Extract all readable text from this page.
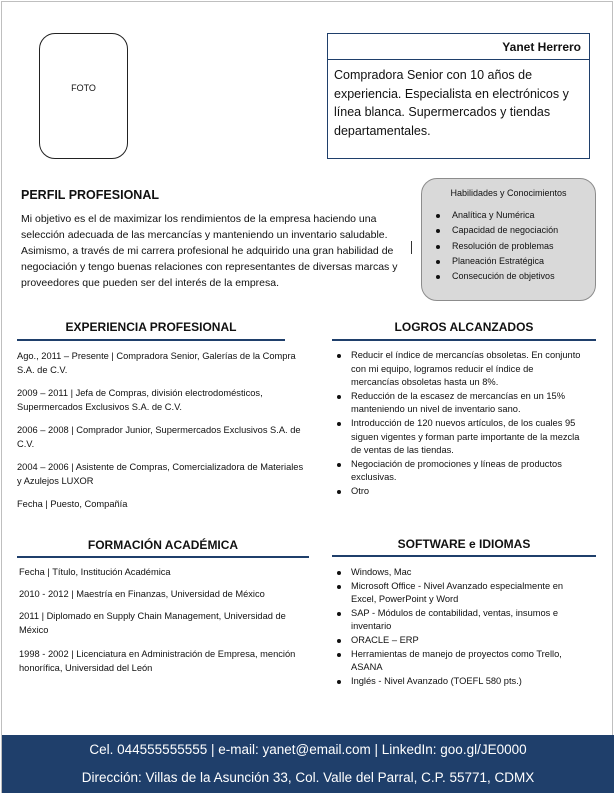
FOTO
Yanet Herrero
Compradora Senior con 10 años de experiencia. Especialista en electrónicos y línea blanca. Supermercados y tiendas departamentales.
PERFIL PROFESIONAL
Mi objetivo es el de maximizar los rendimientos de la empresa haciendo una selección adecuada de las mercancías y manteniendo un inventario saludable. Asimismo, a través de mi carrera profesional he adquirido una gran habilidad de negociación y tengo buenas relaciones con representantes de diversas marcas y proveedores que pueden ser del interés de la empresa.
Habilidades y Conocimientos
Analítica y Numérica
Capacidad de negociación
Resolución de problemas
Planeación Estratégica
Consecución de objetivos
EXPERIENCIA PROFESIONAL
Ago., 2011 – Presente | Compradora Senior, Galerías de la Compra S.A. de C.V.
2009 – 2011 | Jefa de Compras, división electrodomésticos, Supermercados Exclusivos S.A. de C.V.
2006 – 2008 | Comprador Junior, Supermercados Exclusivos S.A. de C.V.
2004 – 2006 | Asistente de Compras, Comercializadora de Materiales y Azulejos LUXOR
Fecha | Puesto, Compañía
LOGROS ALCANZADOS
Reducir el índice de mercancías obsoletas. En conjunto con mi equipo, logramos reducir el índice de mercancías obsoletas hasta un 8%.
Reducción de la escasez de mercancías en un 15% manteniendo un nivel de inventario sano.
Introducción de 120 nuevos artículos, de los cuales 95 siguen vigentes y forman parte importante de la mezcla de ventas de las tiendas.
Negociación de promociones y líneas de productos exclusivas.
Otro
FORMACIÓN ACADÉMICA
Fecha | Título, Institución Académica
2010 - 2012 | Maestría en Finanzas, Universidad de México
2011 | Diplomado en Supply Chain Management, Universidad de México
1998 - 2002 | Licenciatura en Administración de Empresa, mención honorífica, Universidad del León
SOFTWARE e IDIOMAS
Windows, Mac
Microsoft Office - Nivel Avanzado especialmente en Excel, PowerPoint y Word
SAP - Módulos de contabilidad, ventas, insumos e inventario
ORACLE – ERP
Herramientas de manejo de proyectos como Trello, ASANA
Inglés - Nivel Avanzado (TOEFL 580 pts.)
Cel. 044555555555 | e-mail: yanet@email.com | LinkedIn: goo.gl/JE0000
Dirección: Villas de la Asunción 33, Col. Valle del Parral, C.P. 55771, CDMX
